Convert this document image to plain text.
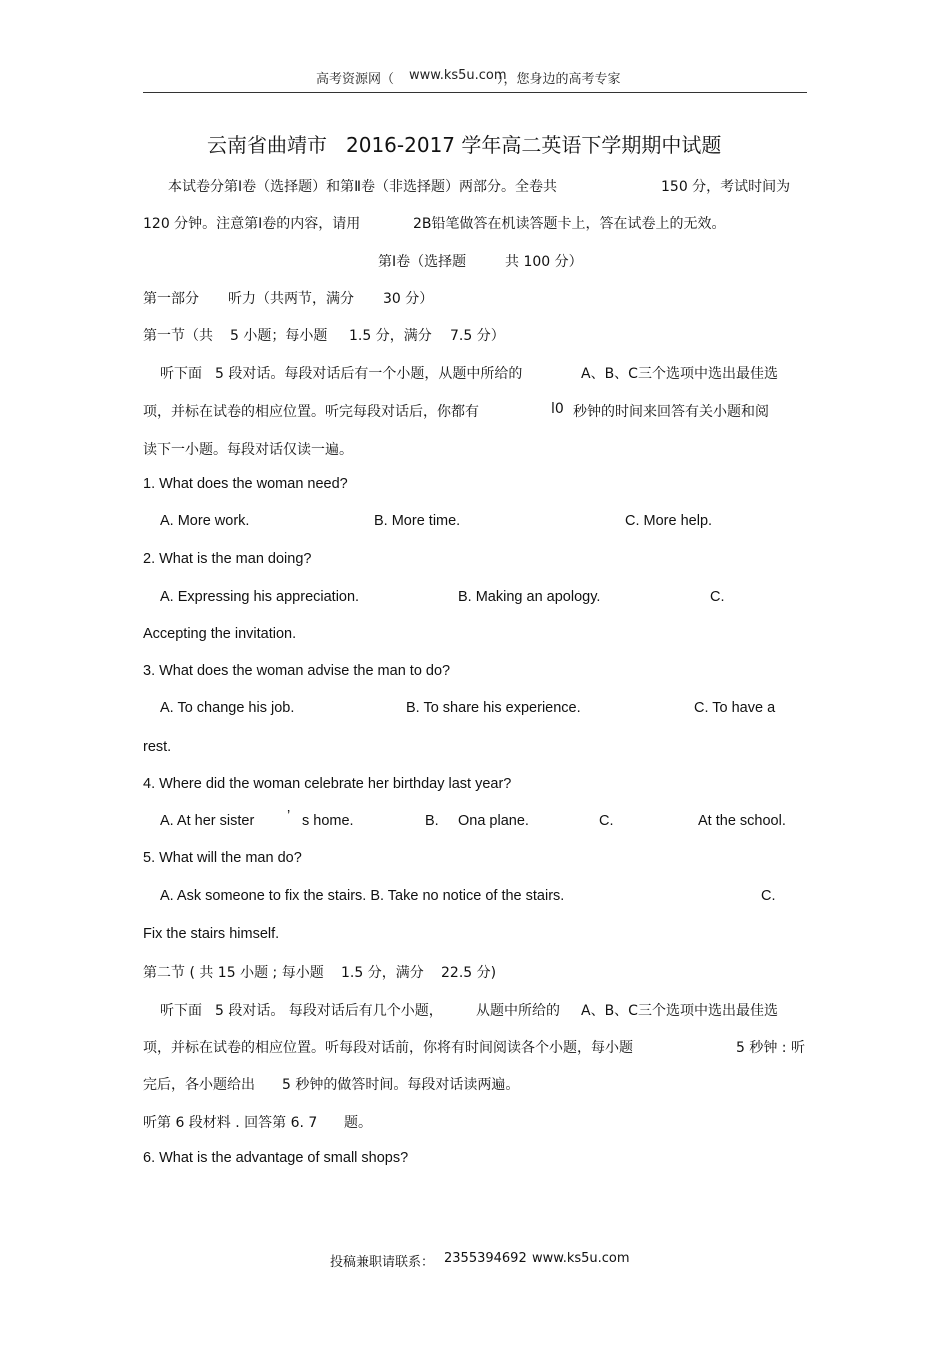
高考资源网（ www.ks5u.com
），您身边的高考专家
云南省曲靖市 2016-2017 学年高二英语下学期期中试题
本试卷分第Ⅰ卷（选择题）和第Ⅱ卷（非选择题）两部分。全卷共	150 分，考试时间为
120 分钟。注意第Ⅰ卷的内容，请用	2B铅笔做答在机读答题卡上，答在试卷上的无效。
第Ⅰ卷（选择题	共 100 分）
第一部分 听力（共两节，满分 30 分）
第一节（共 5 小题；每小题 1.5 分，满分 7.5 分）
听下面 5 段对话。每段对话后有一个小题，从题中所给的	A、B、C三个选项中选出最佳选
项，并标在试卷的相应位置。听完每段对话后，你都有	l0 秒钟的时间来回答有关小题和阅
读下一小题。每段对话仅读一遍。
1. What does the woman need?
A. More work.	B. More time.	C. More help.
2. What is the man doing?
A. Expressing his appreciation.	B. Making an apology.	C.
Accepting the invitation.
3. What does the woman advise the man to do?
A. To change his job.	B. To share his experience.	C. To have a
rest.
4. Where did the woman celebrate her birthday last year?
A. At her sister ’ s home.	B. Ona plane.	C.	At the school.
5. What will the man do?
A. Ask someone to fix the stairs. B. Take no notice of the stairs.	C.
Fix the stairs himself.
第二节 ( 共 15 小题 ; 每小题 1.5 分，满分 22.5 分)
听下面 5 段对话。 每段对话后有几个小题， 从题中所给的 A、B、C三个选项中选出最佳选
项，并标在试卷的相应位置。听每段对话前，你将有时间阅读各个小题，每小题	5 秒钟 : 听
完后，各小题给出 5 秒钟的做答时间。每段对话读两遍。
听第 6 段材料 . 回答第 6. 7 题。
6. What is the advantage of small shops?
投稿兼职请联系： 2355394692 www.ks5u.com
